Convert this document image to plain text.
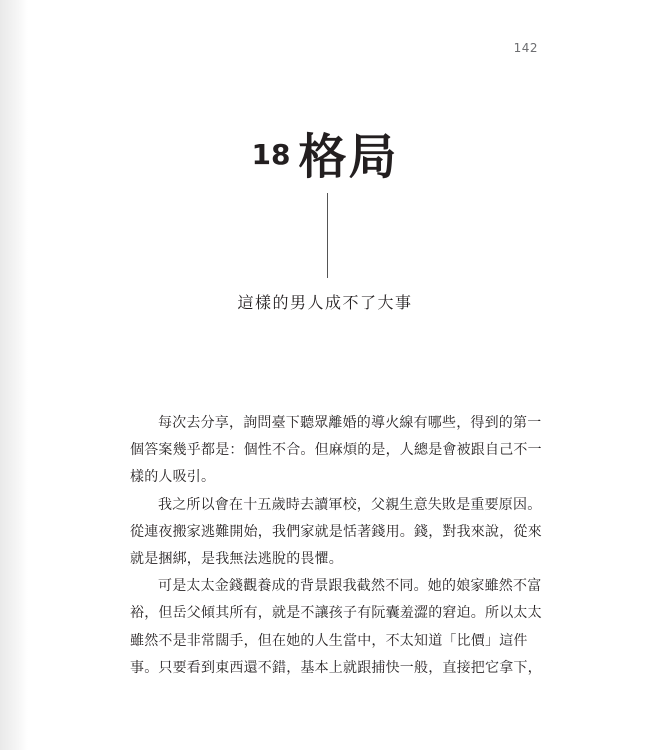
142
18 格局
這樣的男人成不了大事
每次去分享，詢問臺下聽眾離婚的導火線有哪些，得到的第一
個答案幾乎都是：個性不合。但麻煩的是，人總是會被跟自己不一
樣的人吸引。
我之所以會在十五歲時去讀軍校，父親生意失敗是重要原因。
從連夜搬家逃難開始，我們家就是恬著錢用。錢，對我來說，從來
就是捆綁，是我無法逃脫的畏懼。
可是太太金錢觀養成的背景跟我截然不同。她的娘家雖然不富
裕，但岳父傾其所有，就是不讓孩子有阮囊羞澀的窘迫。所以太太
雖然不是非常闊手，但在她的人生當中，不太知道「比價」這件
事。只要看到東西還不錯，基本上就跟捕快一般，直接把它拿下，
